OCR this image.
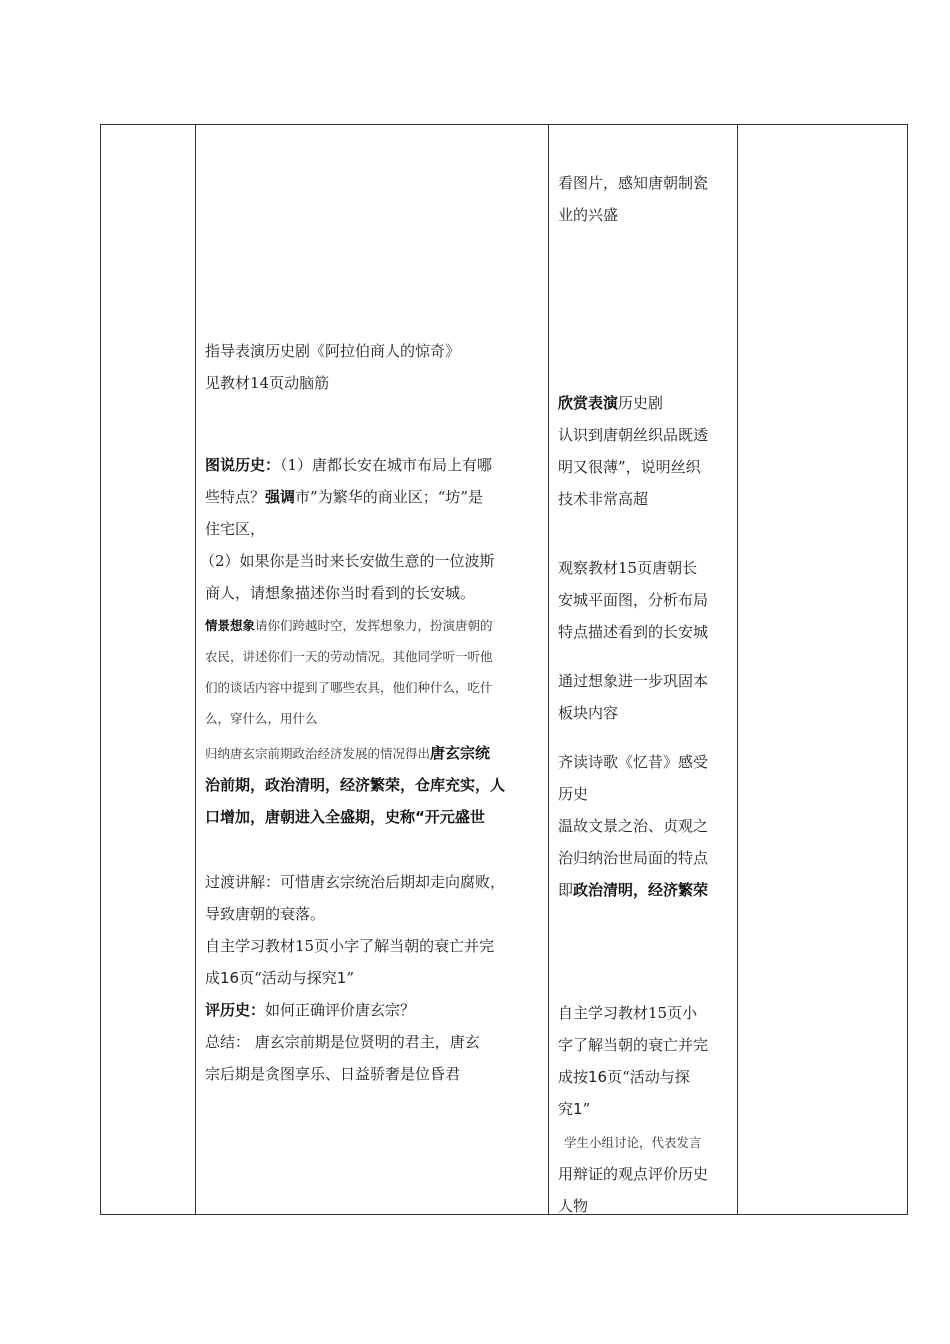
指导表演历史剧《阿拉伯商人的惊奇》

见教材14页动脑筋

图说历史：（1）唐都长安在城市布局上有哪

些特点？强调市”为繁华的商业区；“坊”是

住宅区，

（2）如果你是当时来长安做生意的一位波斯

商人，请想象描述你当时看到的长安城。

情景想象请你们跨越时空，发挥想象力，扮演唐朝的

农民，讲述你们一天的劳动情况。其他同学听一听他

们的谈话内容中提到了哪些农具，他们种什么，吃什

么，穿什么，用什么

归纳唐玄宗前期政治经济发展的情况得出唐玄宗统

治前期，政治清明，经济繁荣，仓库充实，人

口增加，唐朝进入全盛期，史称“开元盛世

过渡讲解：可惜唐玄宗统治后期却走向腐败，

导致唐朝的衰落。

自主学习教材15页小字了解当朝的衰亡并完

成16页“活动与探究1”

评历史：如何正确评价唐玄宗？

总结： 唐玄宗前期是位贤明的君主，唐玄

宗后期是贪图享乐、日益骄奢是位昏君

看图片，感知唐朝制瓷

业的兴盛

欣赏表演历史剧

认识到唐朝丝织品既透

明又很薄”，说明丝织

技术非常高超

观察教材15页唐朝长

安城平面图，分析布局

特点描述看到的长安城

通过想象进一步巩固本

板块内容

齐读诗歌《忆昔》感受

历史

温故文景之治、贞观之

治归纳治世局面的特点

即政治清明，经济繁荣

自主学习教材15页小

字了解当朝的衰亡并完

成按16页“活动与探

究1”

学生小组讨论，代表发言

用辩证的观点评价历史

人物
